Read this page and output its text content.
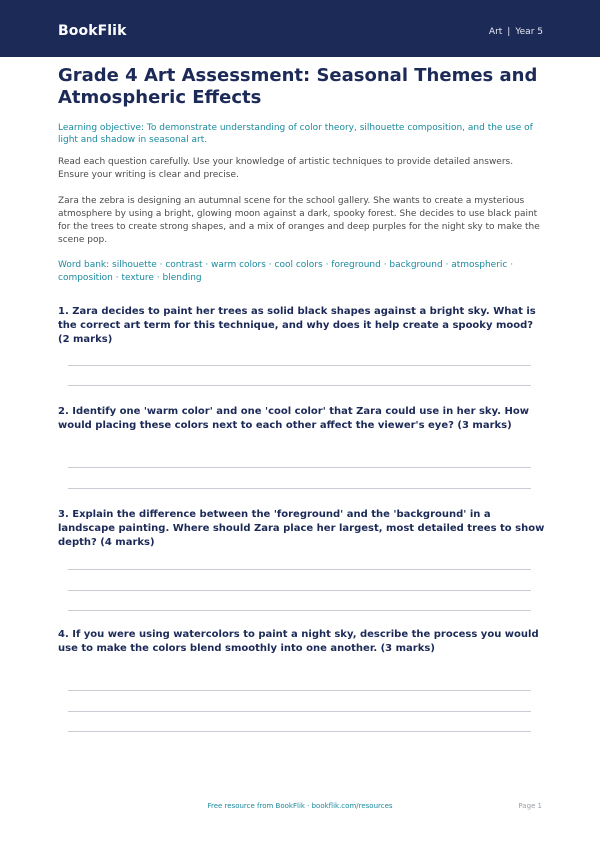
BookFlik	Art | Year 5
Grade 4 Art Assessment: Seasonal Themes and Atmospheric Effects
Learning objective: To demonstrate understanding of color theory, silhouette composition, and the use of light and shadow in seasonal art.
Read each question carefully. Use your knowledge of artistic techniques to provide detailed answers. Ensure your writing is clear and precise.
Zara the zebra is designing an autumnal scene for the school gallery. She wants to create a mysterious atmosphere by using a bright, glowing moon against a dark, spooky forest. She decides to use black paint for the trees to create strong shapes, and a mix of oranges and deep purples for the night sky to make the scene pop.
Word bank: silhouette · contrast · warm colors · cool colors · foreground · background · atmospheric · composition · texture · blending
1. Zara decides to paint her trees as solid black shapes against a bright sky. What is the correct art term for this technique, and why does it help create a spooky mood? (2 marks)
2. Identify one 'warm color' and one 'cool color' that Zara could use in her sky. How would placing these colors next to each other affect the viewer's eye? (3 marks)
3. Explain the difference between the 'foreground' and the 'background' in a landscape painting. Where should Zara place her largest, most detailed trees to show depth? (4 marks)
4. If you were using watercolors to paint a night sky, describe the process you would use to make the colors blend smoothly into one another. (3 marks)
Free resource from BookFlik · bookflik.com/resources	Page 1
